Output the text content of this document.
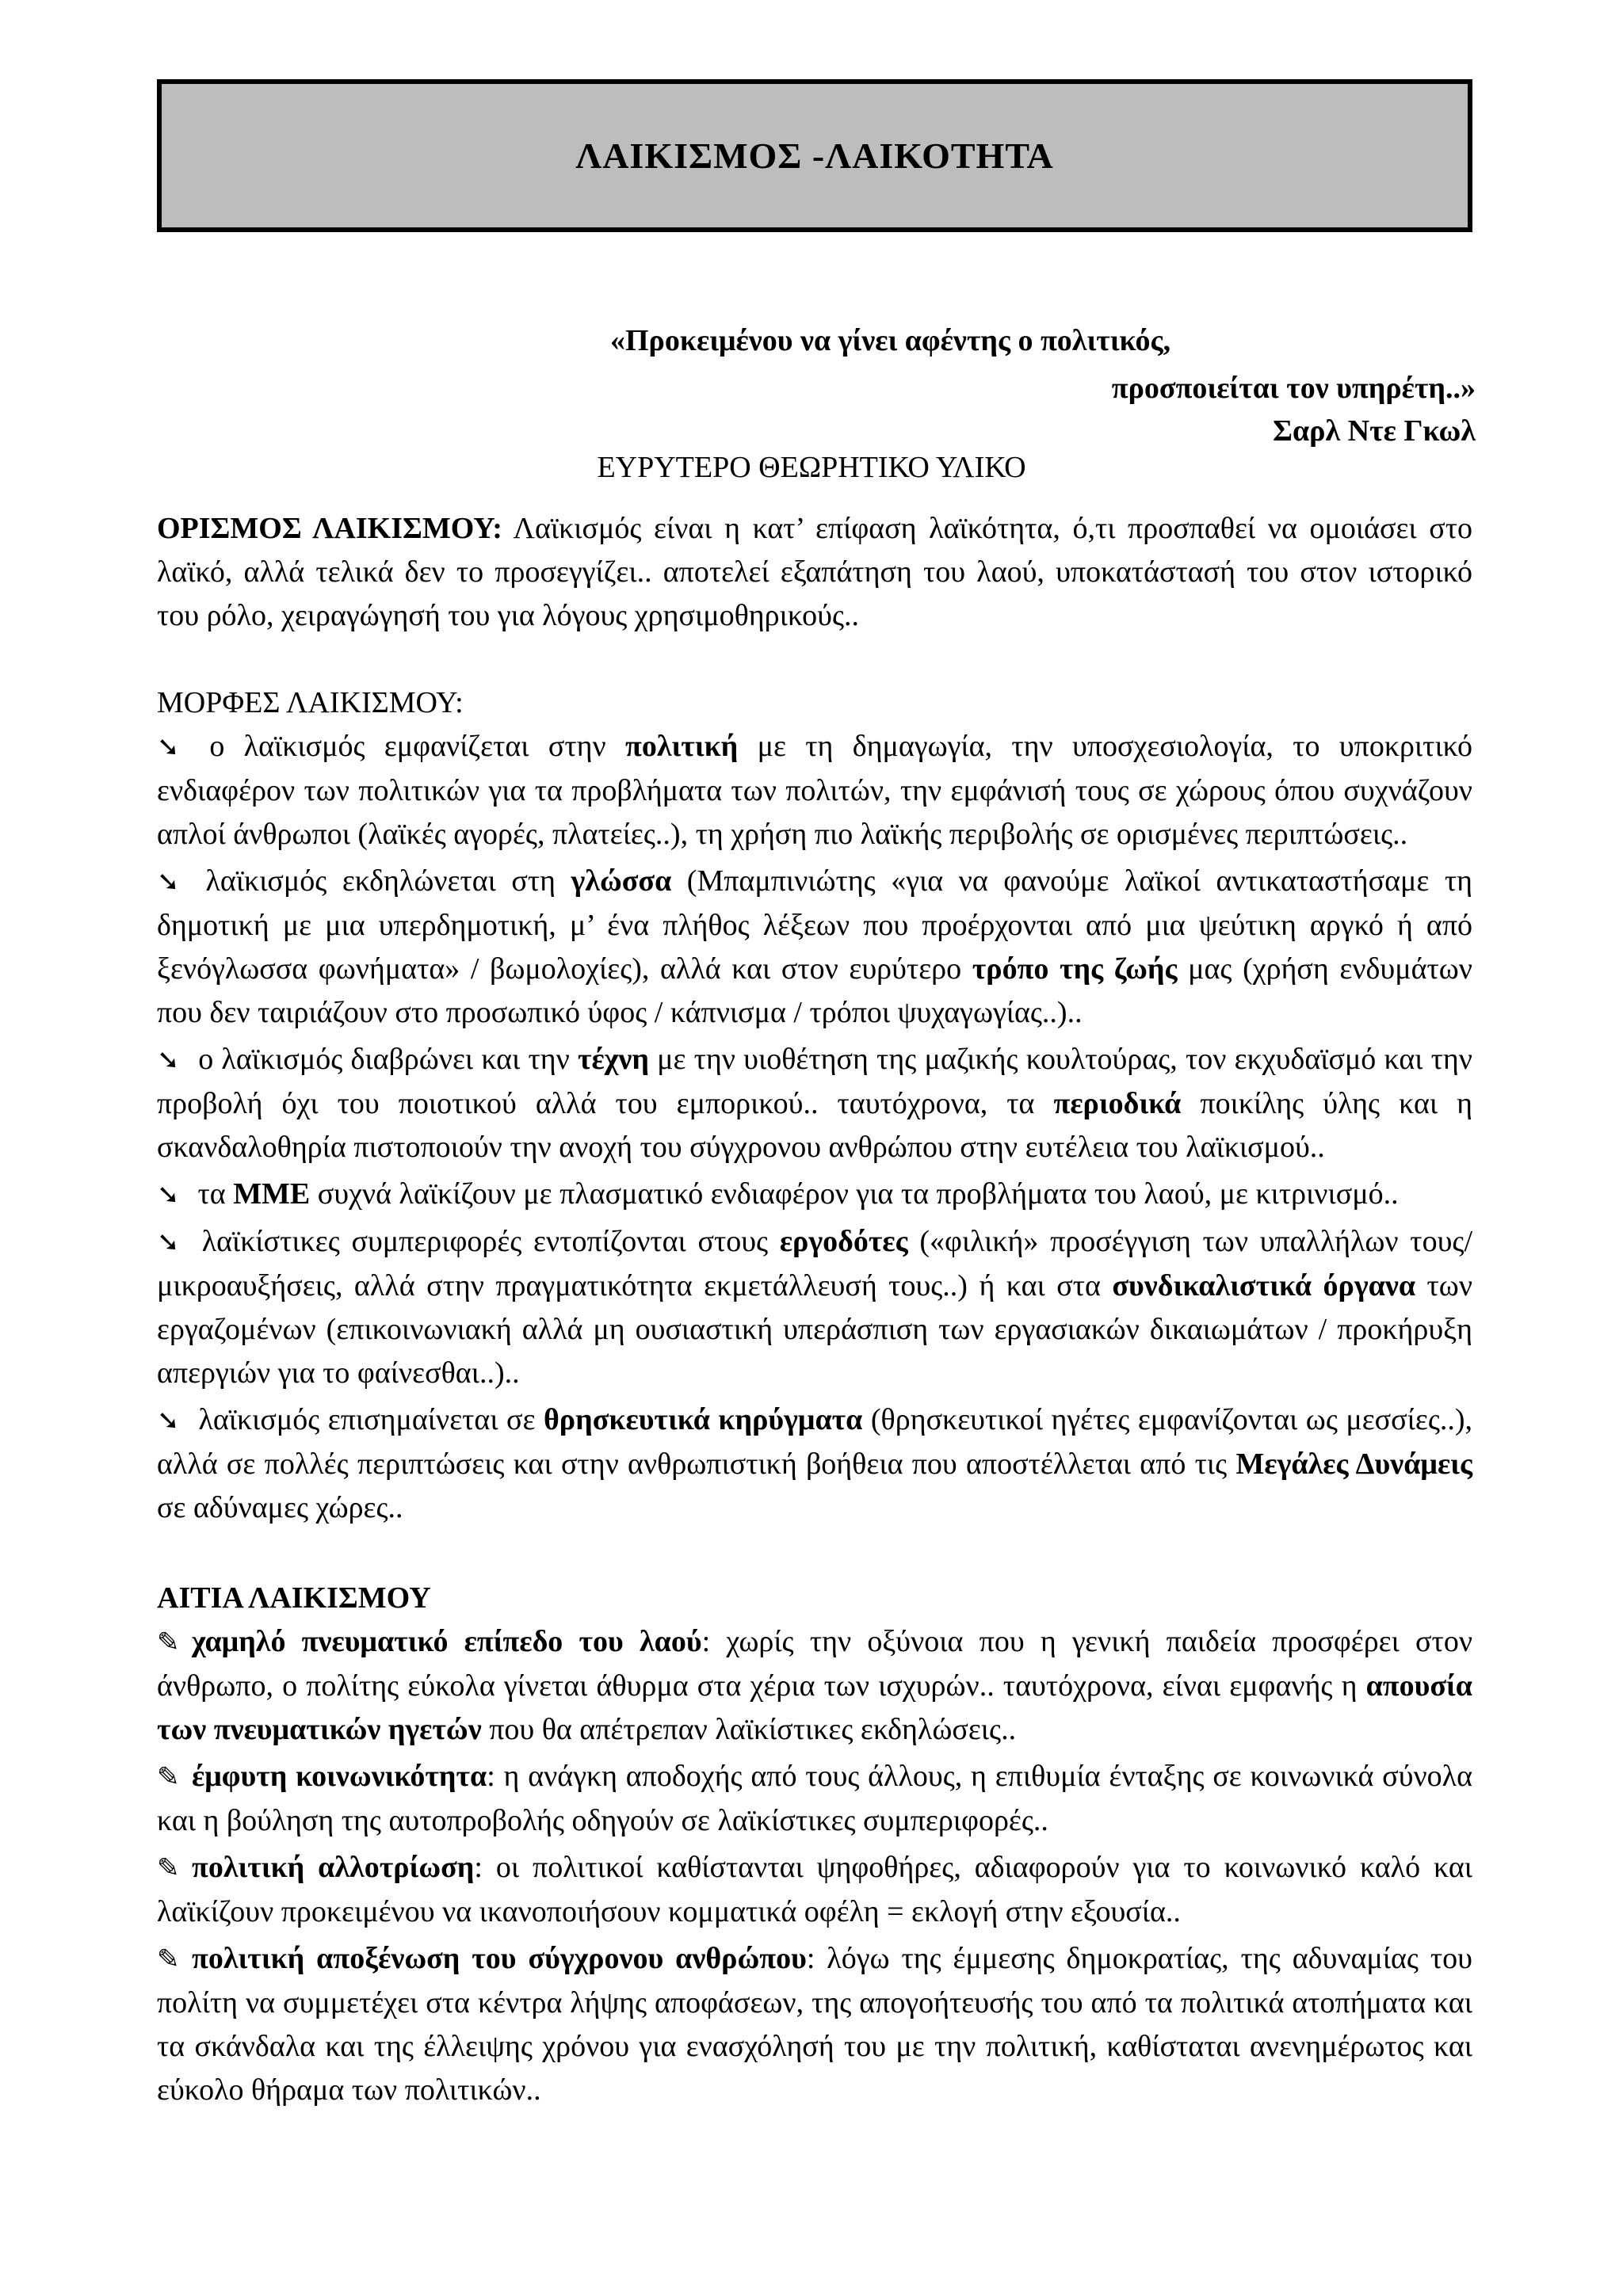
ΛΑΙΚΙΣΜΟΣ -ΛΑΙΚΟΤΗΤΑ
«Προκειμένου να γίνει αφέντης ο πολιτικός,
προσποιείται τον υπηρέτη..»
Σαρλ Ντε Γκωλ
ΕΥΡΥΤΕΡΟ ΘΕΩΡΗΤΙΚΟ ΥΛΙΚΟ

ΟΡΙΣΜΟΣ ΛΑΙΚΙΣΜΟΥ: Λαϊκισμός είναι η κατ’ επίφαση λαϊκότητα, ό,τι προσπαθεί να ομοιάσει στο λαϊκό, αλλά τελικά δεν το προσεγγίζει.. αποτελεί εξαπάτηση του λαού, υποκατάστασή του στον ιστορικό του ρόλο, χειραγώγησή του για λόγους χρησιμοθηρικούς..

ΜΟΡΦΕΣ ΛΑΙΚΙΣΜΟΥ:

➘ ο λαϊκισμός εμφανίζεται στην πολιτική με τη δημαγωγία, την υποσχεσιολογία, το υποκριτικό ενδιαφέρον των πολιτικών για τα προβλήματα των πολιτών, την εμφάνισή τους σε χώρους όπου συχνάζουν απλοί άνθρωποι (λαϊκές αγορές, πλατείες..), τη χρήση πιο λαϊκής περιβολής σε ορισμένες περιπτώσεις..

➘ λαϊκισμός εκδηλώνεται στη γλώσσα (Μπαμπινιώτης «για να φανούμε λαϊκοί αντικαταστήσαμε τη δημοτική με μια υπερδημοτική, μ’ ένα πλήθος λέξεων που προέρχονται από μια ψεύτικη αργκό ή από ξενόγλωσσα φωνήματα» / βωμολοχίες), αλλά και στον ευρύτερο τρόπο της ζωής μας (χρήση ενδυμάτων που δεν ταιριάζουν στο προσωπικό ύφος / κάπνισμα / τρόποι ψυχαγωγίας..)..

➘ ο λαϊκισμός διαβρώνει και την τέχνη με την υιοθέτηση της μαζικής κουλτούρας, τον εκχυδαϊσμό και την προβολή όχι του ποιοτικού αλλά του εμπορικού.. ταυτόχρονα, τα περιοδικά ποικίλης ύλης και η σκανδαλοθηρία πιστοποιούν την ανοχή του σύγχρονου ανθρώπου στην ευτέλεια του λαϊκισμού..

➘ τα ΜΜΕ συχνά λαϊκίζουν με πλασματικό ενδιαφέρον για τα προβλήματα του λαού, με κιτρινισμό..

➘ λαϊκίστικες συμπεριφορές εντοπίζονται στους εργοδότες («φιλική» προσέγγιση των υπαλλήλων τους/ μικροαυξήσεις, αλλά στην πραγματικότητα εκμετάλλευσή τους..) ή και στα συνδικαλιστικά όργανα των εργαζομένων (επικοινωνιακή αλλά μη ουσιαστική υπεράσπιση των εργασιακών δικαιωμάτων / προκήρυξη απεργιών για το φαίνεσθαι..)..

➘ λαϊκισμός επισημαίνεται σε θρησκευτικά κηρύγματα (θρησκευτικοί ηγέτες εμφανίζονται ως μεσσίες..), αλλά σε πολλές περιπτώσεις και στην ανθρωπιστική βοήθεια που αποστέλλεται από τις Μεγάλες Δυνάμεις σε αδύναμες χώρες..

ΑΙΤΙΑ ΛΑΙΚΙΣΜΟΥ

✎ χαμηλό πνευματικό επίπεδο του λαού: χωρίς την οξύνοια που η γενική παιδεία προσφέρει στον άνθρωπο, ο πολίτης εύκολα γίνεται άθυρμα στα χέρια των ισχυρών.. ταυτόχρονα, είναι εμφανής η απουσία των πνευματικών ηγετών που θα απέτρεπαν λαϊκίστικες εκδηλώσεις..

✎ έμφυτη κοινωνικότητα: η ανάγκη αποδοχής από τους άλλους, η επιθυμία ένταξης σε κοινωνικά σύνολα και η βούληση της αυτοπροβολής οδηγούν σε λαϊκίστικες συμπεριφορές..

✎ πολιτική αλλοτρίωση: οι πολιτικοί καθίστανται ψηφοθήρες, αδιαφορούν για το κοινωνικό καλό και λαϊκίζουν προκειμένου να ικανοποιήσουν κομματικά οφέλη = εκλογή στην εξουσία..

✎ πολιτική αποξένωση του σύγχρονου ανθρώπου: λόγω της έμμεσης δημοκρατίας, της αδυναμίας του πολίτη να συμμετέχει στα κέντρα λήψης αποφάσεων, της απογοήτευσής του από τα πολιτικά ατοπήματα και τα σκάνδαλα και της έλλειψης χρόνου για ενασχόλησή του με την πολιτική, καθίσταται ανενημέρωτος και εύκολο θήραμα των πολιτικών..
